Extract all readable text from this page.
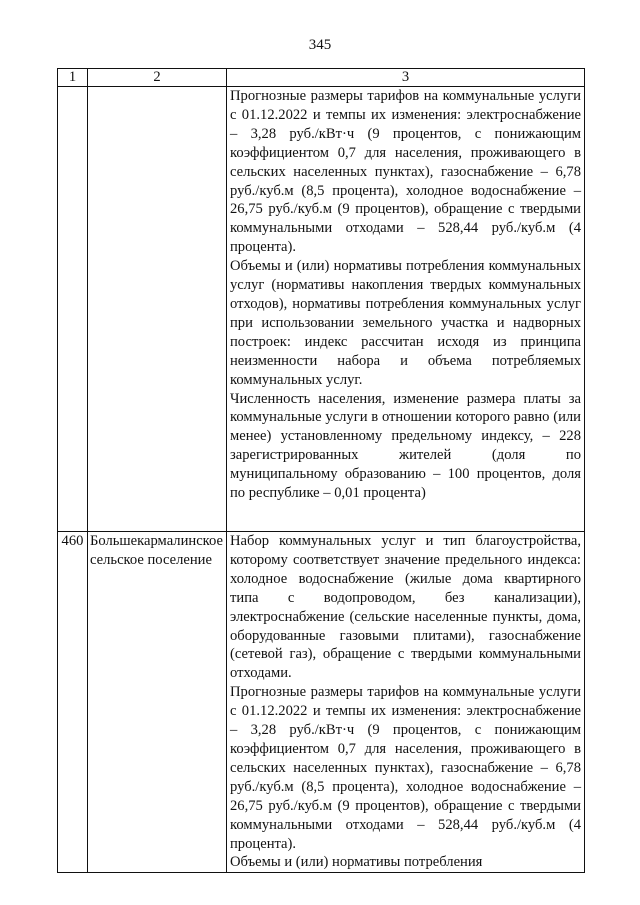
345
1	2	3

		Прогнозные размеры тарифов на коммунальные услуги с 01.12.2022 и темпы их изменения: электроснабжение – 3,28 руб./кВт·ч (9 процентов, с понижающим коэффициентом 0,7 для населения, проживающего в сельских населенных пунктах), газоснабжение – 6,78 руб./куб.м (8,5 процента), холодное водоснабжение – 26,75 руб./куб.м (9 процентов), обращение с твердыми коммунальными отходами – 528,44 руб./куб.м (4 процента).

Объемы и (или) нормативы потребления коммунальных услуг (нормативы накопления твердых коммунальных отходов), нормативы потребления коммунальных услуг при использовании земельного участка и надворных построек: индекс рассчитан исходя из принципа неизменности набора и объема потребляемых коммунальных услуг.

Численность населения, изменение размера платы за коммунальные услуги в отношении которого равно (или менее) установленному предельному индексу, – 228 зарегистрированных жителей (доля по муниципальному образованию – 100 процентов, доля по республике – 0,01 процента)

460	Большекармалинское сельское поселение	Набор коммунальных услуг и тип благоустройства, которому соответствует значение предельного индекса: холодное водоснабжение (жилые дома квартирного типа с водопроводом, без канализации), электроснабжение (сельские населенные пункты, дома, оборудованные газовыми плитами), газоснабжение (сетевой газ), обращение с твердыми коммунальными отходами.

Прогнозные размеры тарифов на коммунальные услуги с 01.12.2022 и темпы их изменения: электроснабжение – 3,28 руб./кВт·ч (9 процентов, с понижающим коэффициентом 0,7 для населения, проживающего в сельских населенных пунктах), газоснабжение – 6,78 руб./куб.м (8,5 процента), холодное водоснабжение – 26,75 руб./куб.м (9 процентов), обращение с твердыми коммунальными отходами – 528,44 руб./куб.м (4 процента).

Объемы и (или) нормативы потребления
